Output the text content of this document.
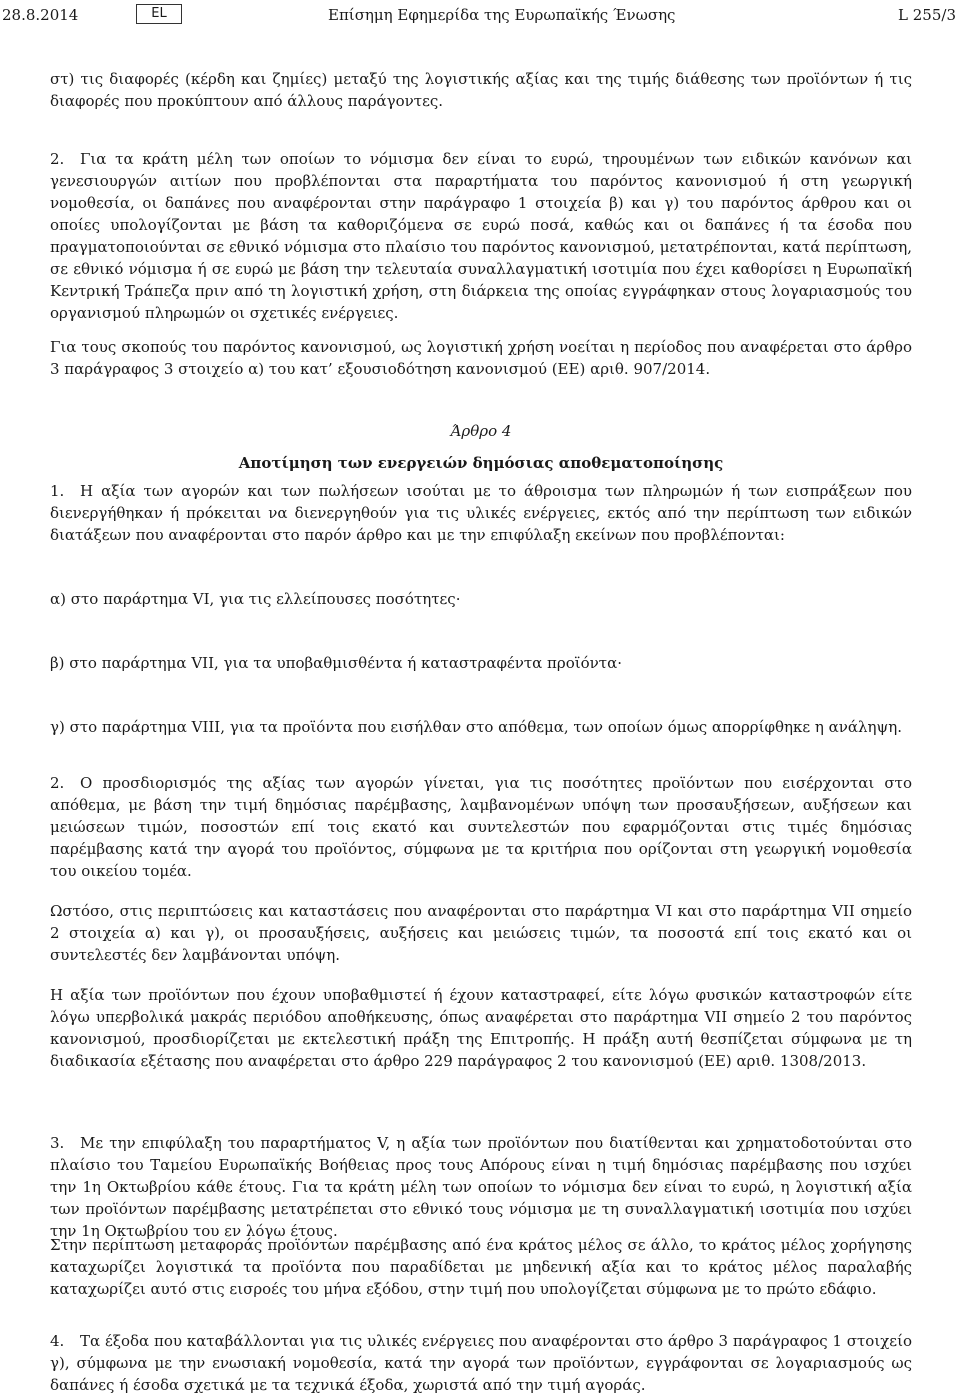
28.8.2014	EL	Επίσημη Εφημερίδα της Ευρωπαϊκής Ένωσης	L 255/3

στ) τις διαφορές (κέρδη και ζημίες) μεταξύ της λογιστικής αξίας και της τιμής διάθεσης των προϊόντων ή τις διαφορές που προκύπτουν από άλλους παράγοντες.

2. Για τα κράτη μέλη των οποίων το νόμισμα δεν είναι το ευρώ, τηρουμένων των ειδικών κανόνων και γενεσιουργών αιτίων που προβλέπονται στα παραρτήματα του παρόντος κανονισμού ή στη γεωργική νομοθεσία, οι δαπάνες που αναφέρονται στην παράγραφο 1 στοιχεία β) και γ) του παρόντος άρθρου και οι οποίες υπολογίζονται με βάση τα καθοριζόμενα σε ευρώ ποσά, καθώς και οι δαπάνες ή τα έσοδα που πραγματοποιούνται σε εθνικό νόμισμα στο πλαίσιο του παρόντος κανονισμού, μετατρέπονται, κατά περίπτωση, σε εθνικό νόμισμα ή σε ευρώ με βάση την τελευταία συναλλαγματική ισοτιμία που έχει καθορίσει η Ευρωπαϊκή Κεντρική Τράπεζα πριν από τη λογιστική χρήση, στη διάρκεια της οποίας εγγράφηκαν στους λογαριασμούς του οργανισμού πληρωμών οι σχετικές ενέργειες.

Για τους σκοπούς του παρόντος κανονισμού, ως λογιστική χρήση νοείται η περίοδος που αναφέρεται στο άρθρο 3 παράγραφος 3 στοιχείο α) του κατ’ εξουσιοδότηση κανονισμού (ΕΕ) αριθ. 907/2014.

Άρθρο 4
Αποτίμηση των ενεργειών δημόσιας αποθεματοποίησης

1. Η αξία των αγορών και των πωλήσεων ισούται με το άθροισμα των πληρωμών ή των εισπράξεων που διενεργήθηκαν ή πρόκειται να διενεργηθούν για τις υλικές ενέργειες, εκτός από την περίπτωση των ειδικών διατάξεων που αναφέρονται στο παρόν άρθρο και με την επιφύλαξη εκείνων που προβλέπονται:

α) στο παράρτημα VI, για τις ελλείπουσες ποσότητες·

β) στο παράρτημα VII, για τα υποβαθμισθέντα ή καταστραφέντα προϊόντα·

γ) στο παράρτημα VIII, για τα προϊόντα που εισήλθαν στο απόθεμα, των οποίων όμως απορρίφθηκε η ανάληψη.

2. Ο προσδιορισμός της αξίας των αγορών γίνεται, για τις ποσότητες προϊόντων που εισέρχονται στο απόθεμα, με βάση την τιμή δημόσιας παρέμβασης, λαμβανομένων υπόψη των προσαυξήσεων, αυξήσεων και μειώσεων τιμών, ποσοστών επί τοις εκατό και συντελεστών που εφαρμόζονται στις τιμές δημόσιας παρέμβασης κατά την αγορά του προϊόντος, σύμφωνα με τα κριτήρια που ορίζονται στη γεωργική νομοθεσία του οικείου τομέα.

Ωστόσο, στις περιπτώσεις και καταστάσεις που αναφέρονται στο παράρτημα VI και στο παράρτημα VII σημείο 2 στοιχεία α) και γ), οι προσαυξήσεις, αυξήσεις και μειώσεις τιμών, τα ποσοστά επί τοις εκατό και οι συντελεστές δεν λαμβάνονται υπόψη.

Η αξία των προϊόντων που έχουν υποβαθμιστεί ή έχουν καταστραφεί, είτε λόγω φυσικών καταστροφών είτε λόγω υπερβολικά μακράς περιόδου αποθήκευσης, όπως αναφέρεται στο παράρτημα VII σημείο 2 του παρόντος κανονισμού, προσδιορίζεται με εκτελεστική πράξη της Επιτροπής. Η πράξη αυτή θεσπίζεται σύμφωνα με τη διαδικασία εξέτασης που αναφέρεται στο άρθρο 229 παράγραφος 2 του κανονισμού (ΕΕ) αριθ. 1308/2013.

3. Με την επιφύλαξη του παραρτήματος V, η αξία των προϊόντων που διατίθενται και χρηματοδοτούνται στο πλαίσιο του Ταμείου Ευρωπαϊκής Βοήθειας προς τους Απόρους είναι η τιμή δημόσιας παρέμβασης που ισχύει την 1η Οκτωβρίου κάθε έτους. Για τα κράτη μέλη των οποίων το νόμισμα δεν είναι το ευρώ, η λογιστική αξία των προϊόντων παρέμβασης μετατρέπεται στο εθνικό τους νόμισμα με τη συναλλαγματική ισοτιμία που ισχύει την 1η Οκτωβρίου του εν λόγω έτους.

Στην περίπτωση μεταφοράς προϊόντων παρέμβασης από ένα κράτος μέλος σε άλλο, το κράτος μέλος χορήγησης καταχωρίζει λογιστικά τα προϊόντα που παραδίδεται με μηδενική αξία και το κράτος μέλος παραλαβής καταχωρίζει αυτό στις εισροές του μήνα εξόδου, στην τιμή που υπολογίζεται σύμφωνα με το πρώτο εδάφιο.

4. Τα έξοδα που καταβάλλονται για τις υλικές ενέργειες που αναφέρονται στο άρθρο 3 παράγραφος 1 στοιχείο γ), σύμφωνα με την ενωσιακή νομοθεσία, κατά την αγορά των προϊόντων, εγγράφονται σε λογαριασμούς ως δαπάνες ή έσοδα σχετικά με τα τεχνικά έξοδα, χωριστά από την τιμή αγοράς.
